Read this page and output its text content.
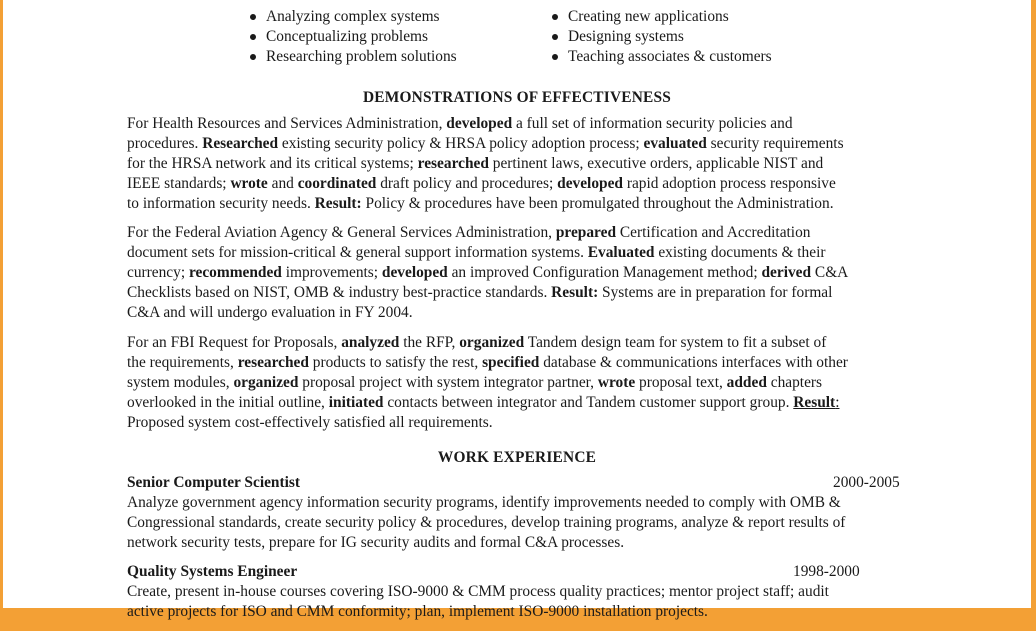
Analyzing complex systems
Conceptualizing problems
Researching problem solutions
Creating new applications
Designing systems
Teaching associates & customers
DEMONSTRATIONS OF EFFECTIVENESS
For Health Resources and Services Administration, developed a full set of information security policies and
procedures. Researched existing security policy & HRSA policy adoption process; evaluated security requirements
for the HRSA network and its critical systems; researched pertinent laws, executive orders, applicable NIST and
IEEE standards; wrote and coordinated draft policy and procedures; developed rapid adoption process responsive
to information security needs. Result: Policy & procedures have been promulgated throughout the Administration.
For the Federal Aviation Agency & General Services Administration, prepared Certification and Accreditation
document sets for mission-critical & general support information systems. Evaluated existing documents & their
currency; recommended improvements; developed an improved Configuration Management method; derived C&A
Checklists based on NIST, OMB & industry best-practice standards. Result: Systems are in preparation for formal
C&A and will undergo evaluation in FY 2004.
For an FBI Request for Proposals, analyzed the RFP, organized Tandem design team for system to fit a subset of
the requirements, researched products to satisfy the rest, specified database & communications interfaces with other
system modules, organized proposal project with system integrator partner, wrote proposal text, added chapters
overlooked in the initial outline, initiated contacts between integrator and Tandem customer support group. Result:
Proposed system cost-effectively satisfied all requirements.
WORK EXPERIENCE
Senior Computer Scientist	2000-2005
Analyze government agency information security programs, identify improvements needed to comply with OMB &
Congressional standards, create security policy & procedures, develop training programs, analyze & report results of
network security tests, prepare for IG security audits and formal C&A processes.
Quality Systems Engineer	1998-2000
Create, present in-house courses covering ISO-9000 & CMM process quality practices; mentor project staff; audit
active projects for ISO and CMM conformity; plan, implement ISO-9000 installation projects.
